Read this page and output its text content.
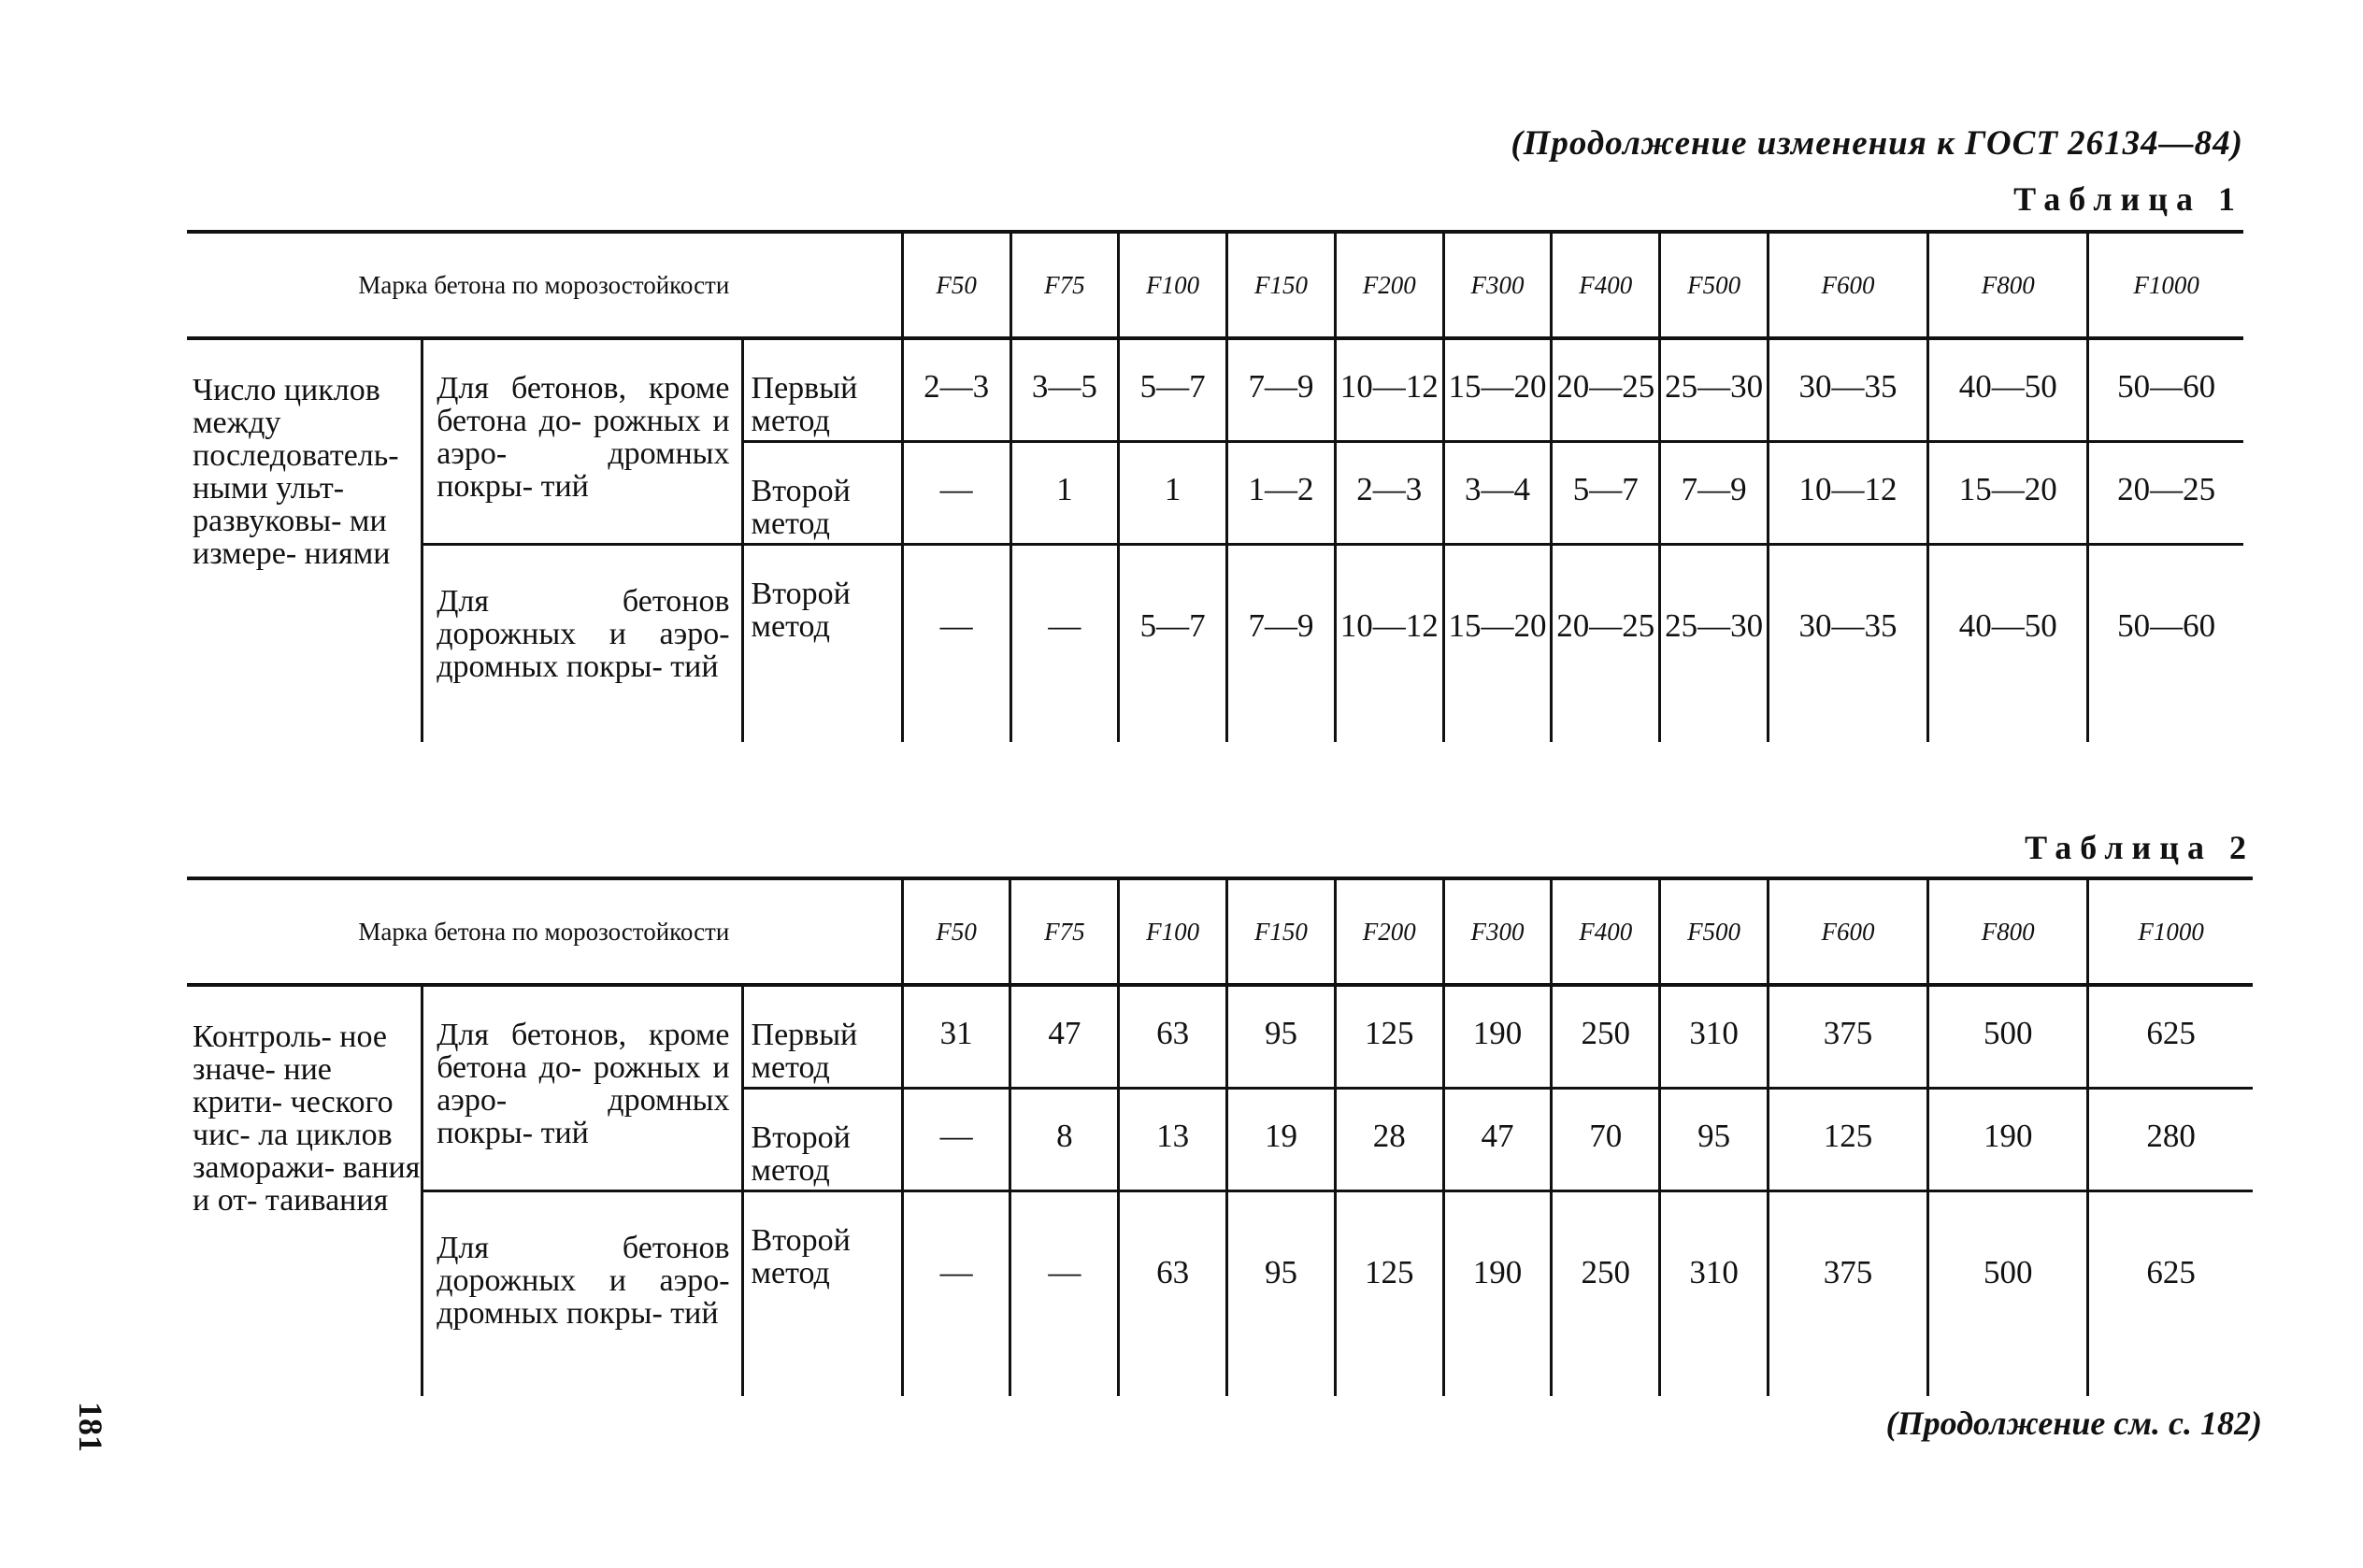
(Продолжение изменения к ГОСТ 26134—84)
Таблица 1
Марка бетона по морозостойкости			F50	F75	F100	F150	F200	F300	F400	F500	F600	F800	F1000
Число циклов между последователь- ными ульт- развуковы- ми измере- ниями	Для бетонов, кроме бетона до- рожных и аэро- дромных покры- тий	Первый метод	2—3	3—5	5—7	7—9	10—12	15—20	20—25	25—30	30—35	40—50	50—60
		Второй метод	—	1	1	1—2	2—3	3—4	5—7	7—9	10—12	15—20	20—25
	Для бетонов дорожных и аэро- дромных покры- тий	Второй метод	—	—	5—7	7—9	10—12	15—20	20—25	25—30	30—35	40—50	50—60
Таблица 2
Марка бетона по морозостойкости			F50	F75	F100	F150	F200	F300	F400	F500	F600	F800	F1000
Контроль- ное значе- ние крити- ческого чис- ла циклов заморажи- вания и от- таивания	Для бетонов, кроме бетона до- рожных и аэро- дромных покры- тий	Первый метод	31	47	63	95	125	190	250	310	375	500	625
		Второй метод	—	8	13	19	28	47	70	95	125	190	280
	Для бетонов дорожных и аэро- дромных покры- тий	Второй метод	—	—	63	95	125	190	250	310	375	500	625
181	(Продолжение см. с. 182)
